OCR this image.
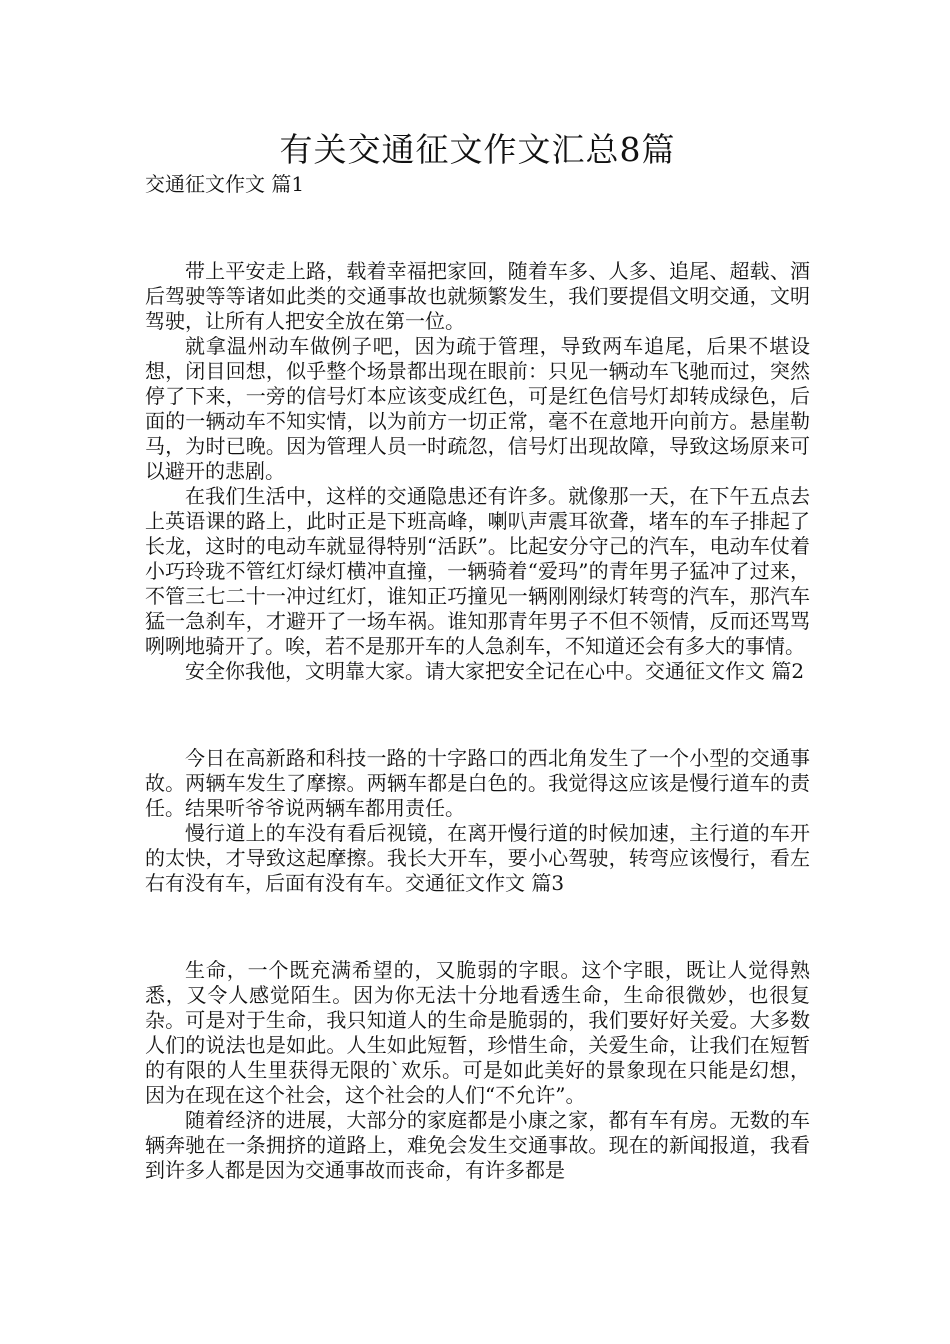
有关交通征文作文汇总8篇
交通征文作文 篇1

带上平安走上路，载着幸福把家回，随着车多、人多、追尾、超载、酒后驾驶等等诸如此类的交通事故也就频繁发生，我们要提倡文明交通，文明驾驶，让所有人把安全放在第一位。

就拿温州动车做例子吧，因为疏于管理，导致两车追尾，后果不堪设想，闭目回想，似乎整个场景都出现在眼前：只见一辆动车飞驰而过，突然停了下来，一旁的信号灯本应该变成红色，可是红色信号灯却转成绿色，后面的一辆动车不知实情，以为前方一切正常，毫不在意地开向前方。悬崖勒马，为时已晚。因为管理人员一时疏忽，信号灯出现故障，导致这场原来可以避开的悲剧。

在我们生活中，这样的交通隐患还有许多。就像那一天，在下午五点去上英语课的路上，此时正是下班高峰，喇叭声震耳欲聋，堵车的车子排起了长龙，这时的电动车就显得特别“活跃”。比起安分守己的汽车，电动车仗着小巧玲珑不管红灯绿灯横冲直撞，一辆骑着“爱玛”的青年男子猛冲了过来，不管三七二十一冲过红灯，谁知正巧撞见一辆刚刚绿灯转弯的汽车，那汽车猛一急刹车，才避开了一场车祸。谁知那青年男子不但不领情，反而还骂骂咧咧地骑开了。唉，若不是那开车的人急刹车，不知道还会有多大的事情。

安全你我他，文明靠大家。请大家把安全记在心中。交通征文作文 篇2

今日在高新路和科技一路的十字路口的西北角发生了一个小型的交通事故。两辆车发生了摩擦。两辆车都是白色的。我觉得这应该是慢行道车的责任。结果听爷爷说两辆车都用责任。

慢行道上的车没有看后视镜，在离开慢行道的时候加速，主行道的车开的太快，才导致这起摩擦。我长大开车，要小心驾驶，转弯应该慢行，看左右有没有车，后面有没有车。交通征文作文 篇3

生命，一个既充满希望的，又脆弱的字眼。这个字眼，既让人觉得熟悉，又令人感觉陌生。因为你无法十分地看透生命，生命很微妙，也很复杂。可是对于生命，我只知道人的生命是脆弱的，我们要好好关爱。大多数人们的说法也是如此。人生如此短暂，珍惜生命，关爱生命，让我们在短暂的有限的人生里获得无限的`欢乐。可是如此美好的景象现在只能是幻想，因为在现在这个社会，这个社会的人们“不允许”。

随着经济的进展，大部分的家庭都是小康之家，都有车有房。无数的车辆奔驰在一条拥挤的道路上，难免会发生交通事故。现在的新闻报道，我看到许多人都是因为交通事故而丧命，有许多都是
